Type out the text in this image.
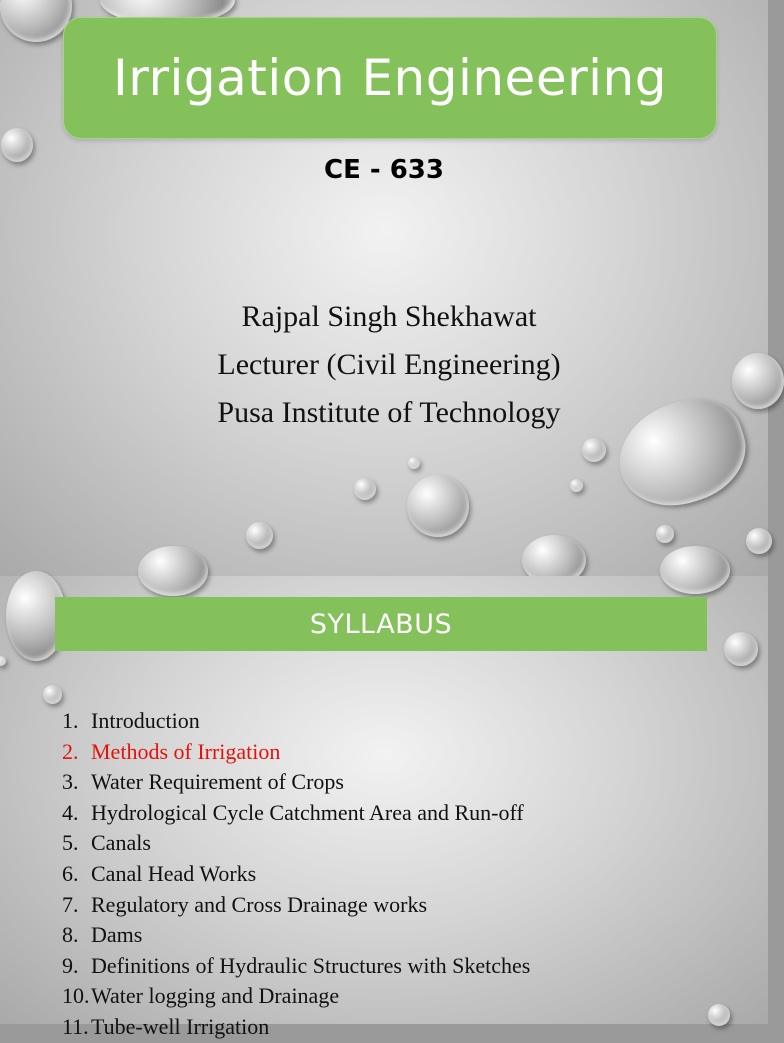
Irrigation Engineering
CE - 633
Rajpal Singh Shekhawat
Lecturer (Civil Engineering)
Pusa Institute of Technology
SYLLABUS
1. Introduction
2. Methods of Irrigation
3. Water Requirement of Crops
4. Hydrological Cycle Catchment Area and Run-off
5. Canals
6. Canal Head Works
7. Regulatory and Cross Drainage works
8. Dams
9. Definitions of Hydraulic Structures with Sketches
10.Water logging and Drainage
11. Tube-well Irrigation
